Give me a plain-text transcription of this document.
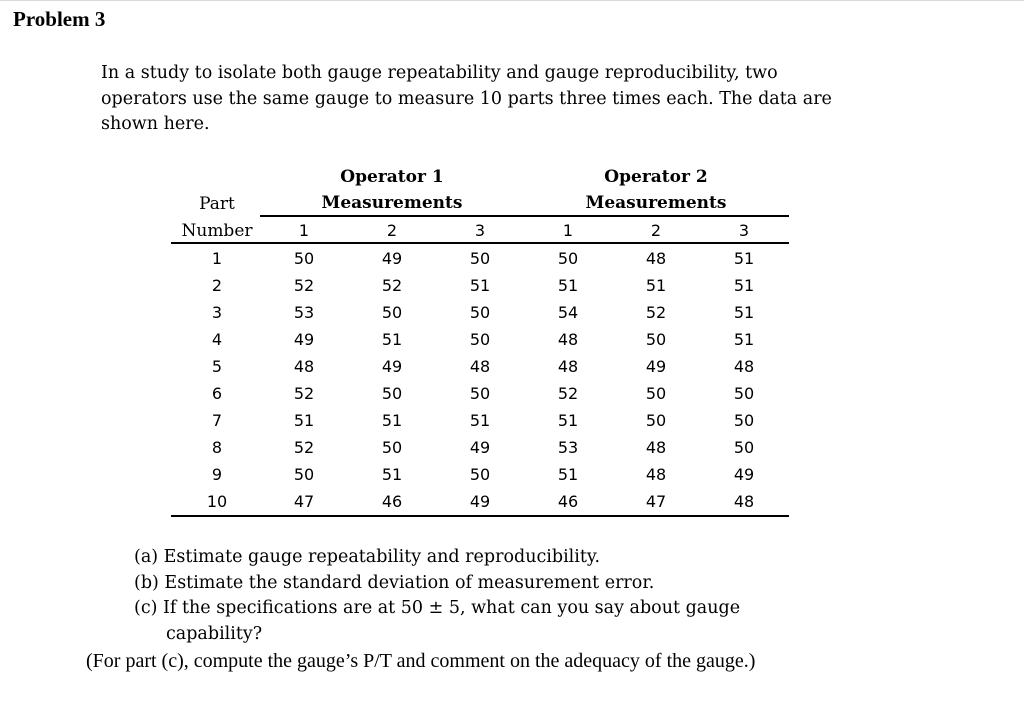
Problem 3
In a study to isolate both gauge repeatability and gauge reproducibility, two
operators use the same gauge to measure 10 parts three times each. The data are
shown here.
Operator 1
Measurements
Operator 2
Measurements
Part
Number	1	2	3	1	2	3
1	50	49	50	50	48	51
2	52	52	51	51	51	51
3	53	50	50	54	52	51
4	49	51	50	48	50	51
5	48	49	48	48	49	48
6	52	50	50	52	50	50
7	51	51	51	51	50	50
8	52	50	49	53	48	50
9	50	51	50	51	48	49
10	47	46	49	46	47	48
(a) Estimate gauge repeatability and reproducibility.
(b) Estimate the standard deviation of measurement error.
(c) If the specifications are at 50 ± 5, what can you say about gauge
capability?
(For part (c), compute the gauge’s P/T and comment on the adequacy of the gauge.)
